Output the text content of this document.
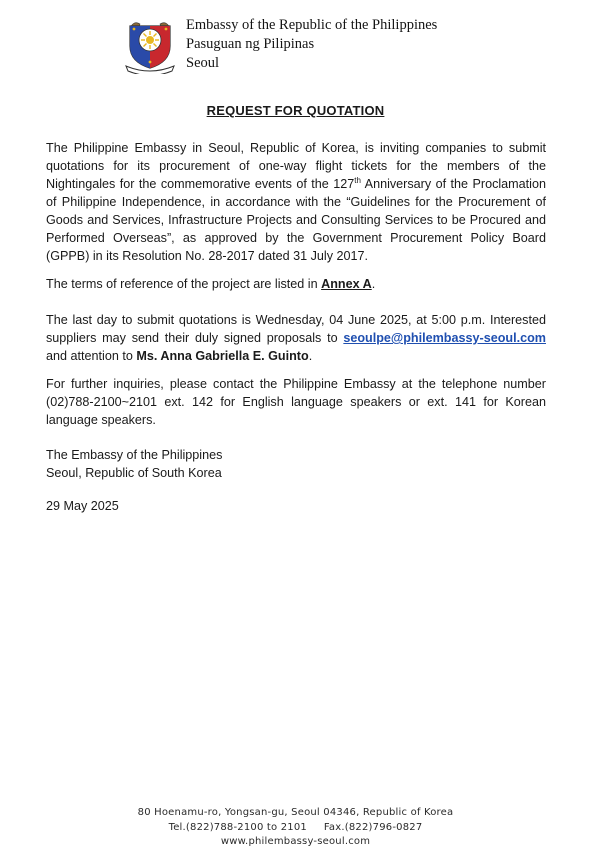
Embassy of the Republic of the Philippines
Pasuguan ng Pilipinas
Seoul
REQUEST FOR QUOTATION
The Philippine Embassy in Seoul, Republic of Korea, is inviting companies to submit quotations for its procurement of one-way flight tickets for the members of the Nightingales for the commemorative events of the 127th Anniversary of the Proclamation of Philippine Independence, in accordance with the “Guidelines for the Procurement of Goods and Services, Infrastructure Projects and Consulting Services to be Procured and Performed Overseas”, as approved by the Government Procurement Policy Board (GPPB) in its Resolution No. 28-2017 dated 31 July 2017.
The terms of reference of the project are listed in Annex A.
The last day to submit quotations is Wednesday, 04 June 2025, at 5:00 p.m. Interested suppliers may send their duly signed proposals to seoulpe@philembassy-seoul.com and attention to Ms. Anna Gabriella E. Guinto.
For further inquiries, please contact the Philippine Embassy at the telephone number (02)788-2100~2101 ext. 142 for English language speakers or ext. 141 for Korean language speakers.
The Embassy of the Philippines
Seoul, Republic of South Korea
29 May 2025
80 Hoenamu-ro, Yongsan-gu, Seoul 04346, Republic of Korea
Tel.(822)788-2100 to 2101     Fax.(822)796-0827
www.philembassy-seoul.com
